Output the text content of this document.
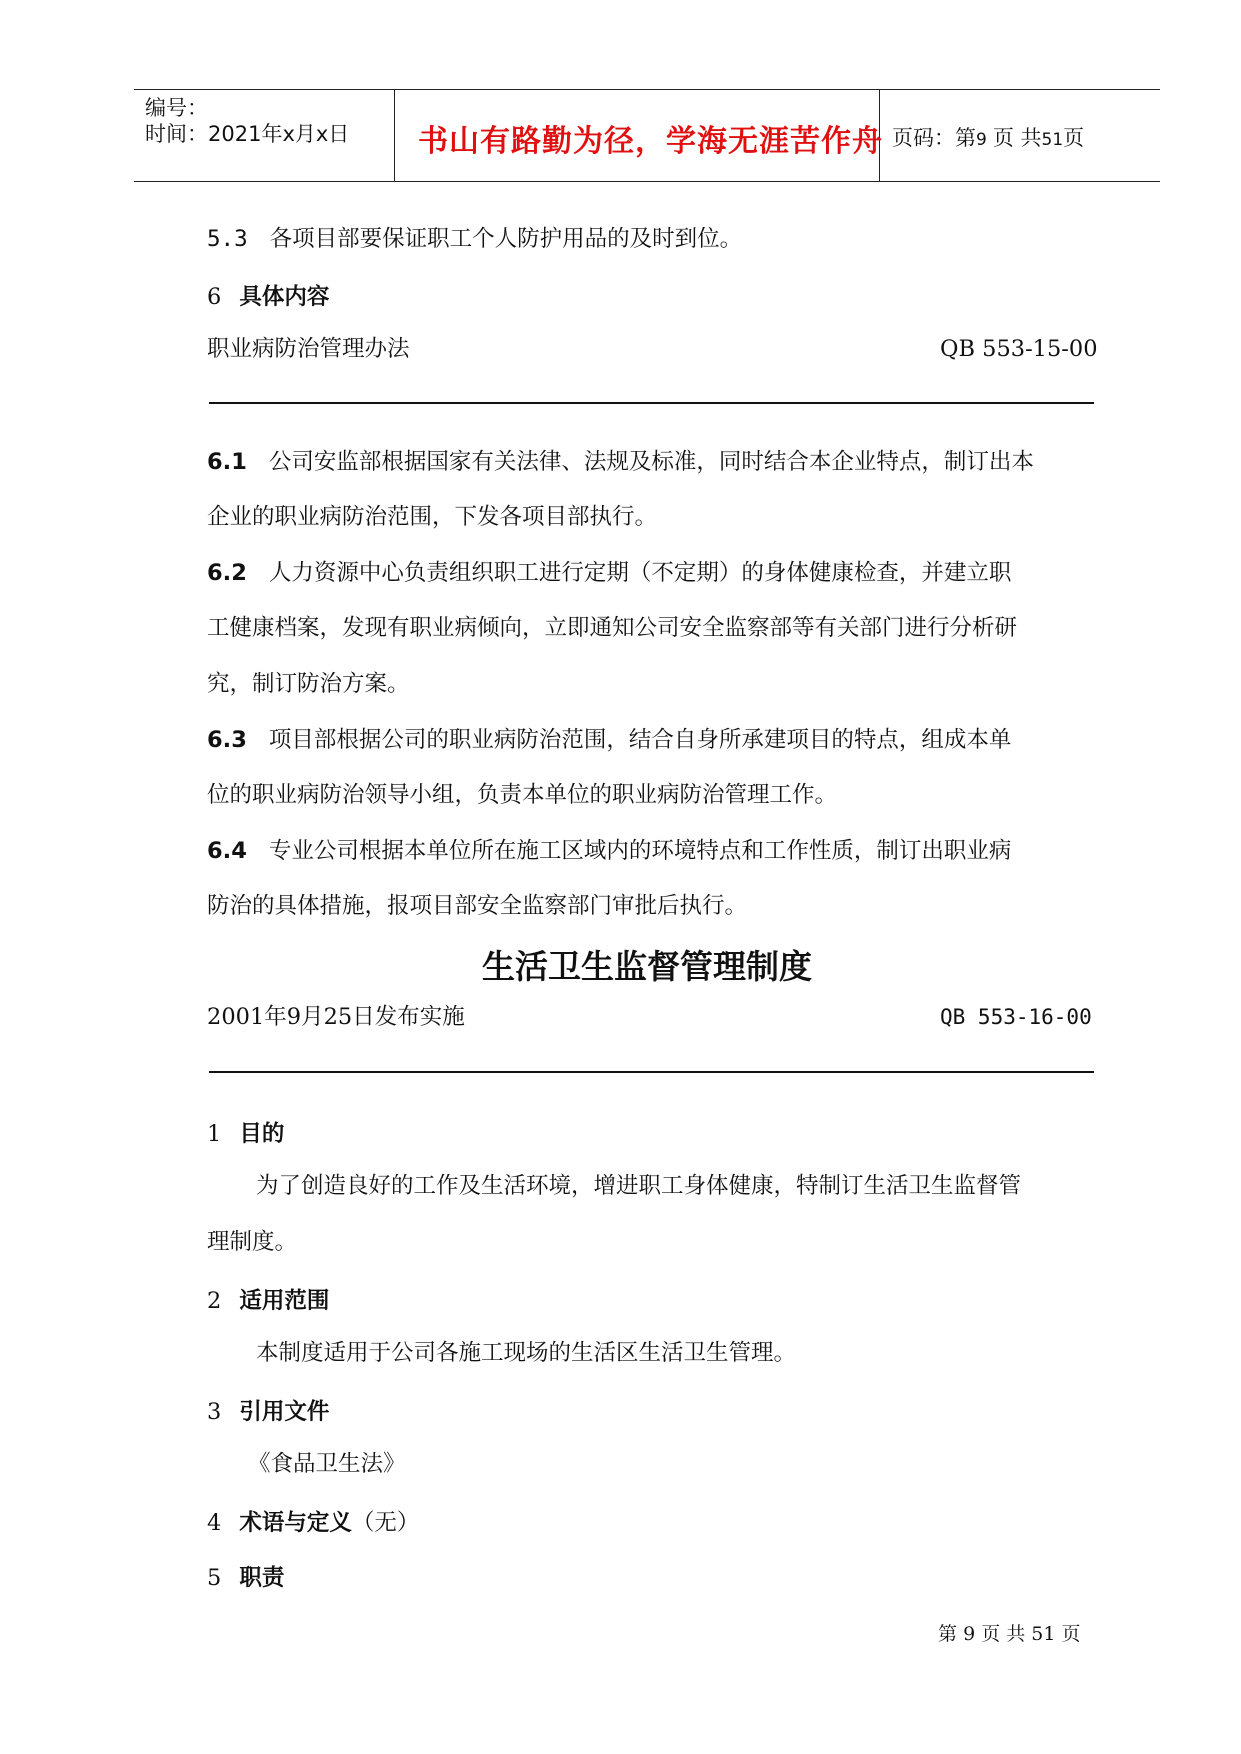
编号：
时间：2021年x月x日 书山有路勤为径，学海无涯苦作舟 页码：第9 页 共51页
5.3 各项目部要保证职工个人防护用品的及时到位。
6 具体内容
职业病防治管理办法	QB 553-15-00
6.1 公司安监部根据国家有关法律、法规及标准，同时结合本企业特点，制订出本
企业的职业病防治范围，下发各项目部执行。
6.2 人力资源中心负责组织职工进行定期（不定期）的身体健康检查，并建立职
工健康档案，发现有职业病倾向，立即通知公司安全监察部等有关部门进行分析研
究，制订防治方案。
6.3 项目部根据公司的职业病防治范围，结合自身所承建项目的特点，组成本单
位的职业病防治领导小组，负责本单位的职业病防治管理工作。
6.4 专业公司根据本单位所在施工区域内的环境特点和工作性质，制订出职业病
防治的具体措施，报项目部安全监察部门审批后执行。
生活卫生监督管理制度
2001年9月25日发布实施	QB 553-16-00
1 目的
为了创造良好的工作及生活环境，增进职工身体健康，特制订生活卫生监督管
理制度。
2 适用范围
本制度适用于公司各施工现场的生活区生活卫生管理。
3 引用文件
《食品卫生法》
4 术语与定义（无）
5 职责
第 9 页 共 51 页
